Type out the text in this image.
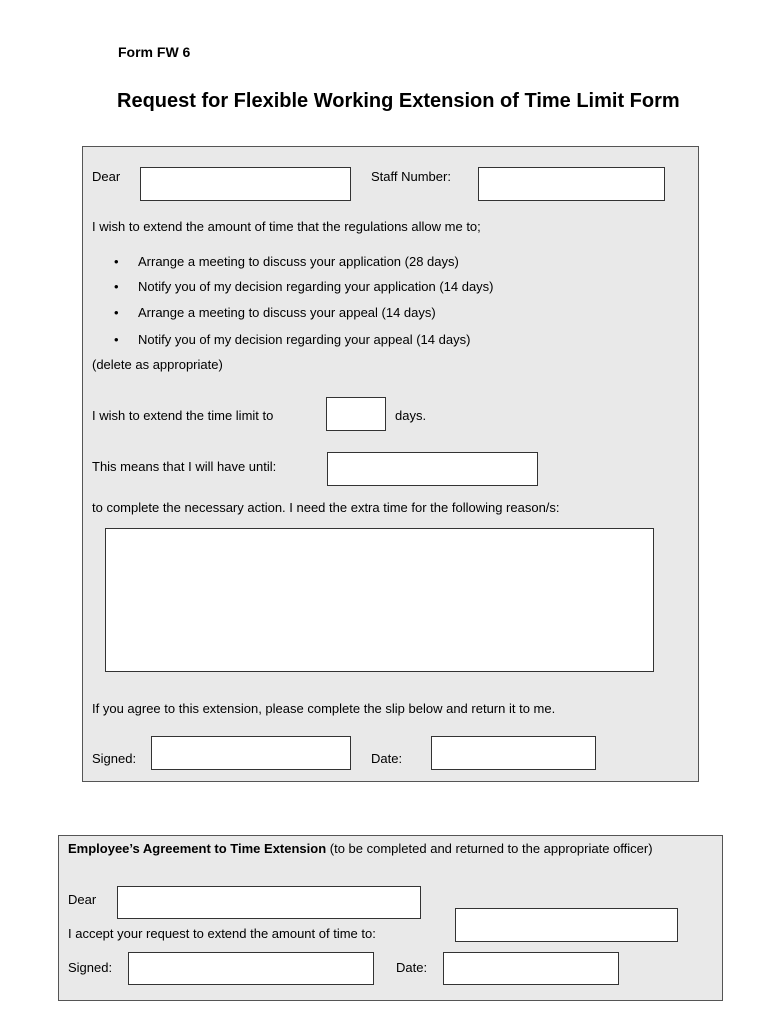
Form FW 6
Request for Flexible Working Extension of Time Limit Form
Dear	Staff Number:
I wish to extend the amount of time that the regulations allow me to;
• Arrange a meeting to discuss your application (28 days)
• Notify you of my decision regarding your application (14 days)
• Arrange a meeting to discuss your appeal (14 days)
• Notify you of my decision regarding your appeal (14 days)
(delete as appropriate)
I wish to extend the time limit to	days.
This means that I will have until:
to complete the necessary action. I need the extra time for the following reason/s:
If you agree to this extension, please complete the slip below and return it to me.
Signed:	Date:
Employee’s Agreement to Time Extension (to be completed and returned to the appropriate officer)
Dear
I accept your request to extend the amount of time to:
Signed:	Date:
